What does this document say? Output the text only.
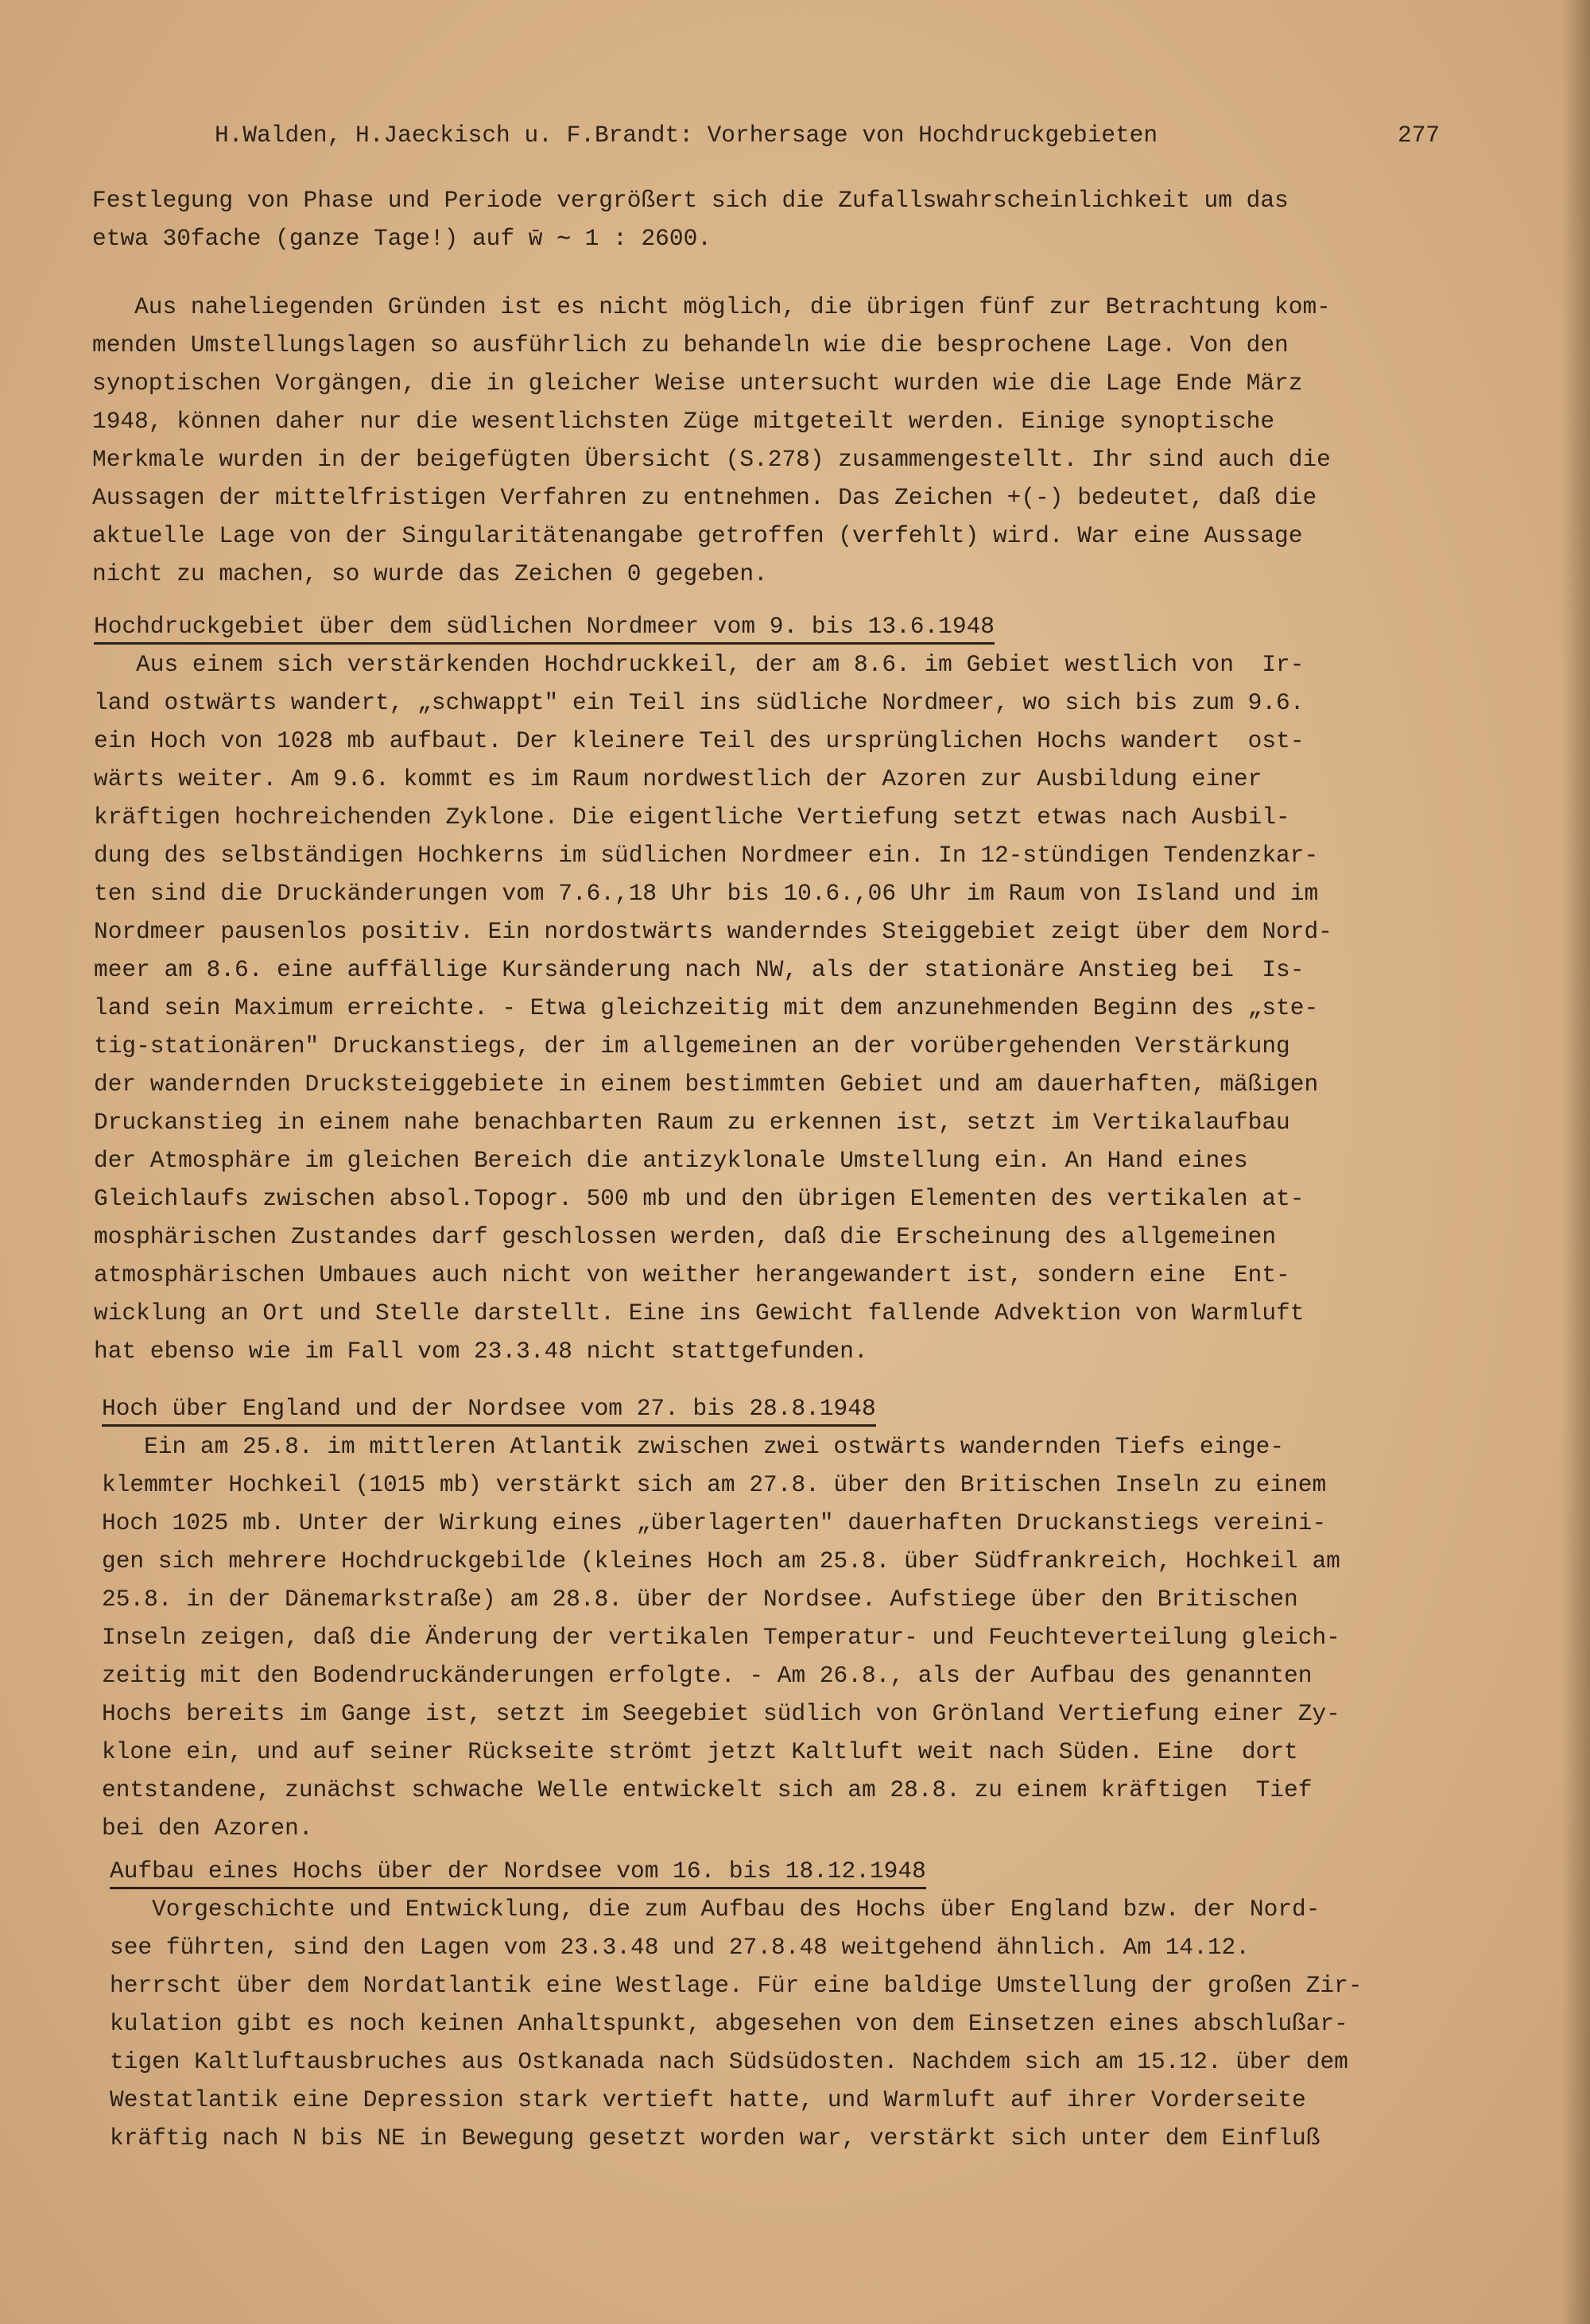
H.Walden, H.Jaeckisch u. F.Brandt: Vorhersage von Hochdruckgebieten	277
Festlegung von Phase und Periode vergrößert sich die Zufallswahrscheinlichkeit um das
etwa 30fache (ganze Tage!) auf w̄ ∼ 1 : 2600.
Aus naheliegenden Gründen ist es nicht möglich, die übrigen fünf zur Betrachtung kom-
menden Umstellungslagen so ausführlich zu behandeln wie die besprochene Lage. Von den
synoptischen Vorgängen, die in gleicher Weise untersucht wurden wie die Lage Ende März
1948, können daher nur die wesentlichsten Züge mitgeteilt werden. Einige synoptische
Merkmale wurden in der beigefügten Übersicht (S.278) zusammengestellt. Ihr sind auch die
Aussagen der mittelfristigen Verfahren zu entnehmen. Das Zeichen +(-) bedeutet, daß die
aktuelle Lage von der Singularitätenangabe getroffen (verfehlt) wird. War eine Aussage
nicht zu machen, so wurde das Zeichen 0 gegeben.
Hochdruckgebiet über dem südlichen Nordmeer vom 9. bis 13.6.1948
Aus einem sich verstärkenden Hochdruckkeil, der am 8.6. im Gebiet westlich von  Ir-
land ostwärts wandert, „schwappt" ein Teil ins südliche Nordmeer, wo sich bis zum 9.6.
ein Hoch von 1028 mb aufbaut. Der kleinere Teil des ursprünglichen Hochs wandert  ost-
wärts weiter. Am 9.6. kommt es im Raum nordwestlich der Azoren zur Ausbildung einer
kräftigen hochreichenden Zyklone. Die eigentliche Vertiefung setzt etwas nach Ausbil-
dung des selbständigen Hochkerns im südlichen Nordmeer ein. In 12-stündigen Tendenzkar-
ten sind die Druckänderungen vom 7.6.,18 Uhr bis 10.6.,06 Uhr im Raum von Island und im
Nordmeer pausenlos positiv. Ein nordostwärts wanderndes Steiggebiet zeigt über dem Nord-
meer am 8.6. eine auffällige Kursänderung nach NW, als der stationäre Anstieg bei  Is-
land sein Maximum erreichte. - Etwa gleichzeitig mit dem anzunehmenden Beginn des „ste-
tig-stationären" Druckanstiegs, der im allgemeinen an der vorübergehenden Verstärkung
der wandernden Drucksteiggebiete in einem bestimmten Gebiet und am dauerhaften, mäßigen
Druckanstieg in einem nahe benachbarten Raum zu erkennen ist, setzt im Vertikalaufbau
der Atmosphäre im gleichen Bereich die antizyklonale Umstellung ein. An Hand eines
Gleichlaufs zwischen absol.Topogr. 500 mb und den übrigen Elementen des vertikalen at-
mosphärischen Zustandes darf geschlossen werden, daß die Erscheinung des allgemeinen
atmosphärischen Umbaues auch nicht von weither herangewandert ist, sondern eine  Ent-
wicklung an Ort und Stelle darstellt. Eine ins Gewicht fallende Advektion von Warmluft
hat ebenso wie im Fall vom 23.3.48 nicht stattgefunden.
Hoch über England und der Nordsee vom 27. bis 28.8.1948
Ein am 25.8. im mittleren Atlantik zwischen zwei ostwärts wandernden Tiefs einge-
klemmter Hochkeil (1015 mb) verstärkt sich am 27.8. über den Britischen Inseln zu einem
Hoch 1025 mb. Unter der Wirkung eines „überlagerten" dauerhaften Druckanstiegs vereini-
gen sich mehrere Hochdruckgebilde (kleines Hoch am 25.8. über Südfrankreich, Hochkeil am
25.8. in der Dänemarkstraße) am 28.8. über der Nordsee. Aufstiege über den Britischen
Inseln zeigen, daß die Änderung der vertikalen Temperatur- und Feuchteverteilung gleich-
zeitig mit den Bodendruckänderungen erfolgte. - Am 26.8., als der Aufbau des genannten
Hochs bereits im Gange ist, setzt im Seegebiet südlich von Grönland Vertiefung einer Zy-
klone ein, und auf seiner Rückseite strömt jetzt Kaltluft weit nach Süden. Eine  dort
entstandene, zunächst schwache Welle entwickelt sich am 28.8. zu einem kräftigen  Tief
bei den Azoren.
Aufbau eines Hochs über der Nordsee vom 16. bis 18.12.1948
Vorgeschichte und Entwicklung, die zum Aufbau des Hochs über England bzw. der Nord-
see führten, sind den Lagen vom 23.3.48 und 27.8.48 weitgehend ähnlich. Am 14.12.
herrscht über dem Nordatlantik eine Westlage. Für eine baldige Umstellung der großen Zir-
kulation gibt es noch keinen Anhaltspunkt, abgesehen von dem Einsetzen eines abschlußar-
tigen Kaltluftausbruches aus Ostkanada nach Südsüdosten. Nachdem sich am 15.12. über dem
Westatlantik eine Depression stark vertieft hatte, und Warmluft auf ihrer Vorderseite
kräftig nach N bis NE in Bewegung gesetzt worden war, verstärkt sich unter dem Einfluß
